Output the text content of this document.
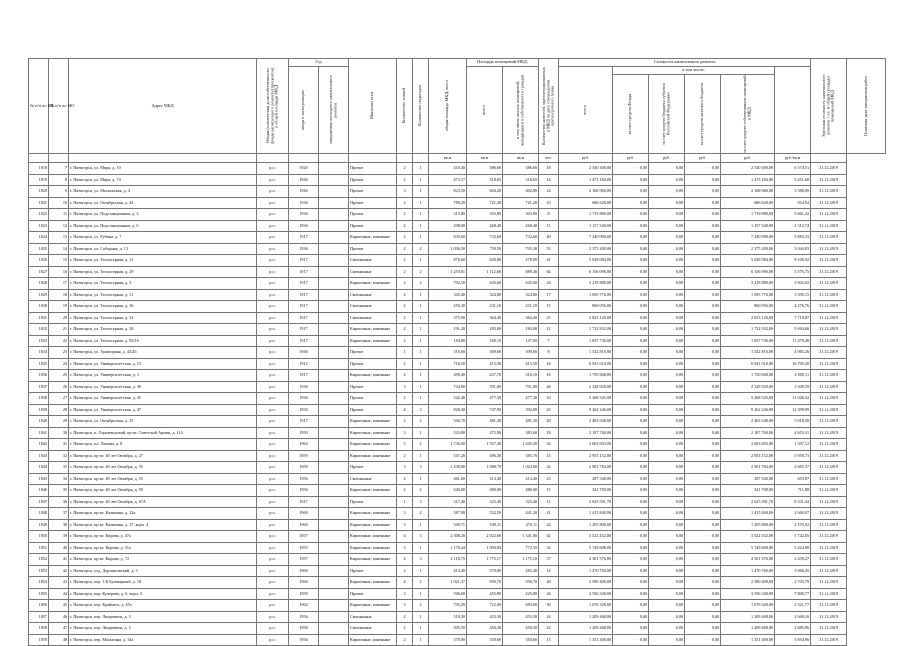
№ п/п по КП	№ п/п по МО	Адрес МКД	Общая (совместная) доля собственности фонда капитального ремонта (процентов) в общей площади МКД	Год		Материал стен	Количество этажей	Количество подъездов	общая площадь МКД, всего	Площадь помещений МКД:		Количество жителей, зарегистрированных в МКД на дату утверждения краткосрочного плана	Стоимость капитального ремонта						Удельная стоимость капитального ремонта 1 кв. м общей площади помещений МКД	Плановая дата завершения работ

				ввода в эксплуатацию	завершения последнего капитального ремонта					всего	в том числе жилых помещений, находящихся в собственности граждан		всего	в том числе:						

														за счет средств Фонда	за счет средств бюджета субъекта Российской Федерации	за счет средств местного бюджета	за счет средств собственников помещений в МКД			

									кв.м	кв.м	кв.м	чел.	руб.	руб.	руб.	руб.	руб.	руб./кв.м		
1818	7	г. Пятигорск, ул. Мира, д. 10	р.о.	1920		Прочие	2	1	410,40	386,60	386,60	18	2 540 400,00	0,00	0,00	0,00	2 540 400,00	6 574,51	31.12.2019	
1819	8	г. Пятигорск, ул. Мира, д. 74	р.о.	1946		Прочие	2	1	473,17	318,65	318,65	14	1 473 184,00	0,00	0,00	0,00	1 473 184,00	3 251,68	31.12.2019	
1820	9	г. Пятигорск, ул. Московская, д. 4	р.о.	1946		Прочие	3	1	823,50	604,20	402,80	24	2 168 960,00	0,00	0,00	0,00	2 168 960,00	3 588,00	31.12.2019	
1821	10	г. Пятигорск, ул. Октябрьская, д. 44	р.о.	1936		Прочие	2	1	780,29	721,20	721,20	10	686 628,00	0,00	0,00	0,00	686 628,00	954,94	31.12.2019	
1822	11	г. Пятигорск, ул. Подстанционная, д. 3	р.о.	1936		Прочие	2	1	315,80	303,80	303,80	8	1 719 880,00	0,00	0,00	0,00	1 719 880,00	5 661,22	31.12.2019	
1823	12	г. Пятигорск, ул. Подстанционная, д. 6	р.о.	1936		Прочие	2	1	298,00	268,40	268,40	11	1 157 540,00	0,00	0,00	0,00	1 157 540,00	4 312,74	31.12.2019	
1824	13	г. Пятигорск, ул. Рубина, д. 7	р.о.	1917		Кирпичные, каменные	2	1	835,60	732,60	732,60	40	7 240 090,00	0,00	0,00	0,00	7 240 090,00	9 883,33	31.12.2019	
1825	14	г. Пятигорск, ул. Соборная, д. 13	р.о.	1936		Прочие	2	2	1 036,50	759,50	705,30	53	2 375 200,00	0,00	0,00	0,00	2 375 200,00	3 044,83	31.12.2019	
1826	15	г. Пятигорск, ул. Теплосерная, д. 11	р.о.	1917		Смешанные	2	1	876,60	620,80	278,00	41	5 028 084,00	0,00	0,00	0,00	5 028 084,00	8 100,92	31.12.2019	
1827	16	г. Пятигорск, ул. Теплосерная, д. 29	р.о.	1917		Смешанные	2	2	1 253,61	1 112,60	889,40	64	6 156 096,00	0,00	0,00	0,00	6 156 096,00	5 576,75	31.12.2019	
1828	17	г. Пятигорск, ул. Теплосерная, д. 3	р.о.	1917		Кирпичные, каменные	2	2	702,50	645,60	645,60	24	3 218 880,00	0,00	0,00	0,00	3 218 880,00	5 902,02	31.12.2019	
1829	18	г. Пятигорск, ул. Теплосерная, д. 31	р.о.	1917		Смешанные	2	1	345,40	324,80	324,80	17	1 095 776,00	0,00	0,00	0,00	1 095 776,00	3 390,15	31.12.2019	
1830	19	г. Пятигорск, ул. Теплосерная, д. 36	р.о.	1917		Смешанные	2	1	250,30	231,10	231,10	15	860 056,00	0,00	0,00	0,00	860 056,00	4 276,76	31.12.2019	
1831	20	г. Пятигорск, ул. Теплосерная, д. 54	р.о.	1917		Смешанные	2	1	375,90	364,40	364,40	25	2 823 120,00	0,00	0,00	0,00	2 823 120,00	7 718,87	31.12.2019	
1832	21	г. Пятигорск, ул. Теплосерная, д. 58	р.о.	1917		Кирпичные, каменные	2	1	191,20	183,00	183,00	12	1 732 932,00	0,00	0,00	0,00	1 732 932,00	9 464,66	31.12.2019	
1833	22	г. Пятигорск, ул. Теплосерная, д. 83/16	р.о.	1917		Кирпичные, каменные	2	1	184,80	160,10	147,00	7	1 837 736,00	0,00	0,00	0,00	1 837 736,00	11 478,48	31.12.2019	
1834	23	г. Пятигорск, ул. Тракторная, д. 43/26	р.о.	1946		Прочие	1	1	315,60	309,60	309,60	8	1 542 816,00	0,00	0,00	0,00	1 542 816,00	4 983,26	31.12.2019	
1835	24	г. Пятигорск, ул. Университетская, д. 13	р.о.	1912		Прочие	2	1	718,50	415,50	415,50	18	6 941 010,00	0,00	0,00	0,00	6 941 010,00	16 705,20	31.12.2019	
1836	25	г. Пятигорск, ул. Университетская, д. 3	р.о.	1917		Кирпичные, каменные	2	1	499,40	437,70	316,10	16	1 750 848,00	0,00	0,00	0,00	1 750 848,00	4 000,11	31.12.2019	
1837	26	г. Пятигорск, ул. Университетская, д. 36	р.о.	1930		Прочие	3	1	744,90	701,00	701,00	26	2 328 920,00	0,00	0,00	0,00	2 328 920,00	3 308,59	31.12.2019	
1838	27	г. Пятигорск, ул. Университетская, д. 45	р.о.	1936		Прочие	2	1	542,40	477,30	477,30	10	5 268 545,00	0,00	0,00	0,00	5 268 545,00	11 040,32	31.12.2019	
1839	28	г. Пятигорск, ул. Университетская, д. 47	р.о.	1935		Прочие	4	3	828,30	747,90	392,80	23	9 262 246,00	0,00	0,00	0,00	9 262 246,00	12 398,99	31.12.2019	
1840	29	г. Пятигорск, ул. Октябрьская, д. 35	р.о.	1917		Кирпичные, каменные	2	2	540,70	481,30	481,30	20	2 463 548,00	0,00	0,00	0,00	2 463 548,00	5 018,38	31.12.2019	
1841	30	г. Пятигорск, п. Горячеводский, пр-кт. Советской Армии, д. 114	р.о.	1950		Кирпичные, каменные	3	1	523,80	472,90	383,60	18	2 187 760,00	0,00	0,00	0,00	2 187 760,00	4 653,31	31.12.2019	
1842	31	г. Пятигорск, пл. Ленина, д. 8	р.о.	1964		Кирпичные, каменные	5	2	1 736,00	1 557,40	1 445,20	54	2 603 603,00	0,00	0,00	0,00	2 603 603,00	1 307,12	31.12.2019	
1843	32	г. Пятигорск, пр-кт. 40 лет Октября, д. 27	р.о.	1959		Кирпичные, каменные	2	1	547,20	496,30	385,70	15	2 953 152,00	0,00	0,00	0,00	2 953 152,00	5 950,73	31.12.2019	
1844	33	г. Пятигорск, пр-кт. 40 лет Октября, д. 35	р.о.	1959		Прочие	3	3	1 438,80	1 088,70	1 024,00	42	2 901 784,00	0,00	0,00	0,00	2 901 784,00	2 665,37	31.12.2019	
1845	34	г. Пятигорск, пр-кт. 40 лет Октября, д. 55	р.о.	1956		Смешанные	2	1	461,60	414,40	414,40	23	287 540,00	0,00	0,00	0,00	287 540,00	693,87	31.12.2019	
1846	35	г. Пятигорск, пр-кт. 40 лет Октября, д. 59	р.о.	1956		Кирпичные, каменные	2	2	540,00	480,00	480,00	15	341 700,00	0,00	0,00	0,00	341 700,00	711,88	31.12.2019	
1847	36	г. Пятигорск, пр-кт. 40 лет Октября, д. 67А	р.о.	1917		Прочие	1	3	317,40	325,40	325,40	11	2 625 591,70	0,00	0,00	0,00	2 625 591,70	8 331,44	31.12.2019	
1848	37	г. Пятигорск, пр-кт. Калинина, д. 22а	р.о.	1960		Кирпичные, каменные	3	2	587,90	532,50	441,20	21	1 415 840,00	0,00	0,00	0,00	1 415 840,00	2 660,07	31.12.2019	
1849	38	г. Пятигорск, пр-кт. Калинина, д. 27, корп. 4	р.о.	1960		Кирпичные, каменные	3	1	549,71	549,11	470,11	24	1 205 800,00	0,00	0,00	0,00	1 205 800,00	2 193,92	31.12.2019	
1850	39	г. Пятигорск, пр-кт. Кирова, д. 47а	р.о.	1957		Кирпичные, каменные	4	3	2 308,20	2 022,60	1 341,00	42	3 522 432,00	0,00	0,00	0,00	3 522 432,00	1 742,05	31.12.2019	
1851	40	г. Пятигорск, пр-кт. Кирова, д. 51а	р.о.	1955		Кирпичные, каменные	3	1	1 178,44	1 094,84	772,35	32	5 749 608,00	0,00	0,00	0,00	5 749 608,00	5 424,88	31.12.2019	
1852	41	г. Пятигорск, пр-кт. Кирова, д. 72	р.о.	1957		Кирпичные, каменные	4	3	2 118,75	1 775,17	1 175,10	37	4 301 576,00	0,00	0,00	0,00	4 301 576,00	2 439,27	31.12.2019	
1853	42	г. Пятигорск, улд. Дерзантовский, д. 3	р.о.	1960		Прочие	2	1	413,40	370,80	283,40	14	1 470 760,00	0,00	0,00	0,00	1 470 760,00	3 966,45	31.12.2019	
1854	43	г. Пятигорск, пер. 1-й Бульварный, д. 18	р.о.	1960		Кирпичные, каменные	4	2	1 021,37	956,70	956,70	40	2 580 400,00	0,00	0,00	0,00	2 580 400,00	2 703,79	31.12.2019	
1855	44	г. Пятигорск, пер. Кучерова, д. 6, корп. 3	р.о.	1959		Прочие	3	1	506,60	455,80	225,80	24	3 556 340,00	0,00	0,00	0,00	3 556 340,00	7 800,77	31.12.2019	
1856	45	г. Пятигорск, пер. Крайнего, д. 45а	р.о.	1962		Кирпичные, каменные	3	2	795,29	722,00	683,60	30	1 676 320,00	0,00	0,00	0,00	1 676 320,00	2 321,77	31.12.2019	
1857	46	г. Пятигорск, пер. Людкевича, д. 3	р.о.	1956		Смешанные	2	1	510,20	453,30	453,30	24	1 209 468,00	0,00	0,00	0,00	1 209 468,00	2 668,16	31.12.2019	
1858	47	г. Пятигорск, пер. Людкевича, д. 5	р.о.	1956		Смешанные	2	1	505,50	450,30	450,30	22	1 209 468,00	0,00	0,00	0,00	1 209 468,00	2 685,96	31.12.2019	
1859	48	г. Пятигорск, пер. Малыгина, д. 34а	р.о.	1956		Кирпичные, каменные	2	1	379,00	350,60	350,60	13	1 351 400,00	0,00	0,00	0,00	1 351 400,00	3 854,96	31.12.2019	
